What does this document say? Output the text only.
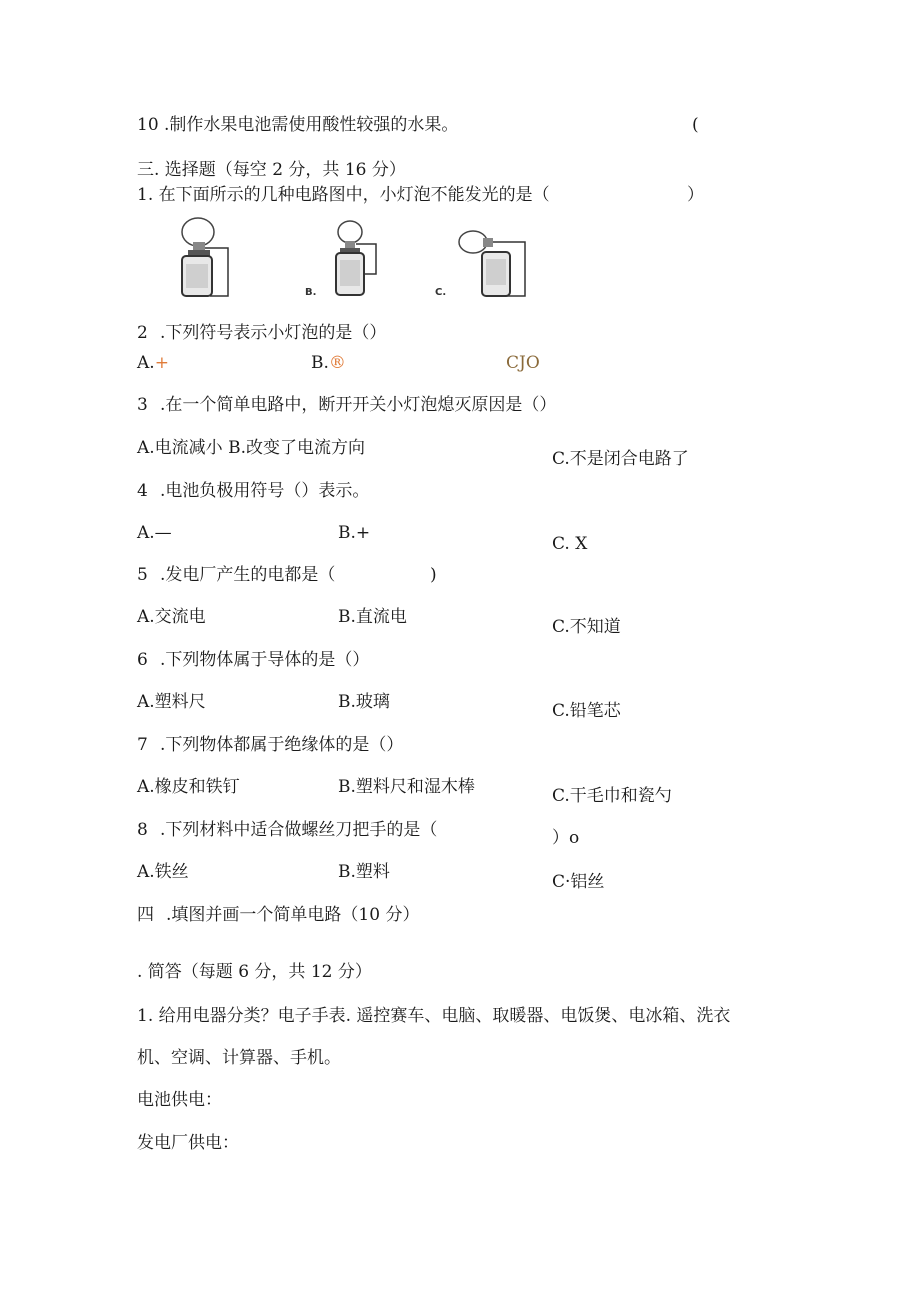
10 .制作水果电池需使用酸性较强的水果。	(
三. 选择题（每空 2 分，共 16 分）
1. 在下面所示的几种电路图中，小灯泡不能发光的是（	）
B.	C.
2 .下列符号表示小灯泡的是（）
A.+	B.®	CJO
3 .在一个简单电路中，断开开关小灯泡熄灭原因是（）
A.电流减小 B.改变了电流方向
C.不是闭合电路了
4 .电池负极用符号（）表示。
A.—	B.+
C. X
5 .发电厂产生的电都是（	)
A.交流电	B.直流电	C.不知道
6 .下列物体属于导体的是（）
A.塑料尺	B.玻璃	C.铅笔芯
7 .下列物体都属于绝缘体的是（）
A.橡皮和铁钉	B.塑料尺和湿木棒	C.干毛巾和瓷勺
8 .下列材料中适合做螺丝刀把手的是（	）o
A.铁丝	B.塑料	C·铝丝
四 .填图并画一个简单电路（10 分）
. 简答（每题 6 分，共 12 分）
1. 给用电器分类？电子手表. 遥控赛车、电脑、取暖器、电饭煲、电冰箱、洗衣
机、空调、计算器、手机。
电池供电：
发电厂供电：
